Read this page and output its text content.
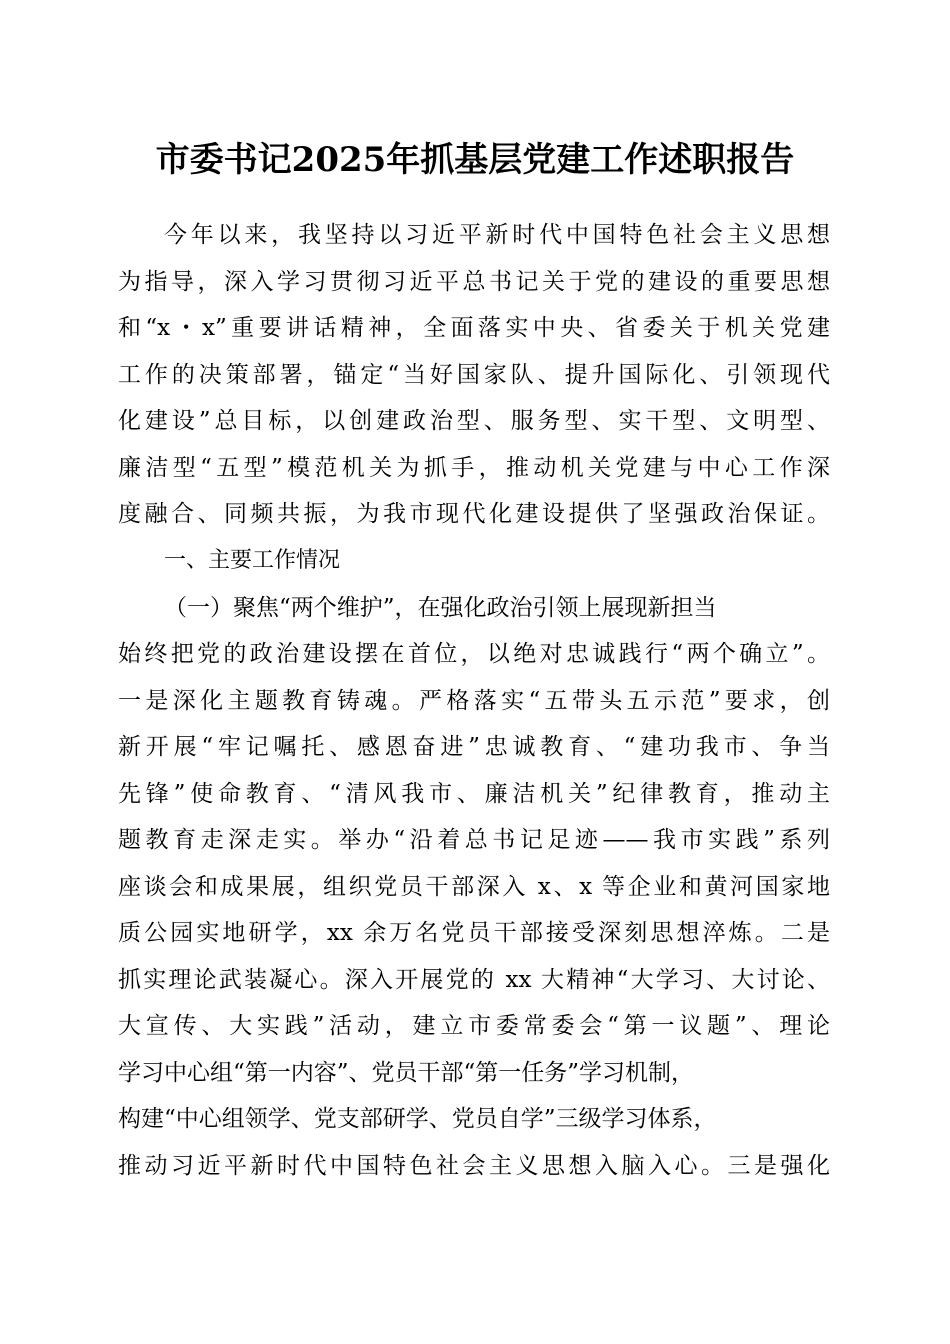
市委书记2025年抓基层党建工作述职报告
今年以来，我坚持以习近平新时代中国特色社会主义思想
为指导，深入学习贯彻习近平总书记关于党的建设的重要思想
和“x・x”重要讲话精神，全面落实中央、省委关于机关党建
工作的决策部署，锚定“当好国家队、提升国际化、引领现代
化建设”总目标，以创建政治型、服务型、实干型、文明型、
廉洁型“五型”模范机关为抓手，推动机关党建与中心工作深
度融合、同频共振，为我市现代化建设提供了坚强政治保证。
一、主要工作情况
（一）聚焦“两个维护”，在强化政治引领上展现新担当
始终把党的政治建设摆在首位，以绝对忠诚践行“两个确立”。
一是深化主题教育铸魂。严格落实“五带头五示范”要求，创
新开展“牢记嘱托、感恩奋进”忠诚教育、“建功我市、争当
先锋”使命教育、“清风我市、廉洁机关”纪律教育，推动主
题教育走深走实。举办“沿着总书记足迹——我市实践”系列
座谈会和成果展，组织党员干部深入 x、x 等企业和黄河国家地
质公园实地研学，xx 余万名党员干部接受深刻思想淬炼。二是
抓实理论武装凝心。深入开展党的 xx 大精神“大学习、大讨论、
大宣传、大实践”活动，建立市委常委会“第一议题”、理论
学习中心组“第一内容”、党员干部“第一任务”学习机制，
构建“中心组领学、党支部研学、党员自学”三级学习体系，
推动习近平新时代中国特色社会主义思想入脑入心。三是强化
